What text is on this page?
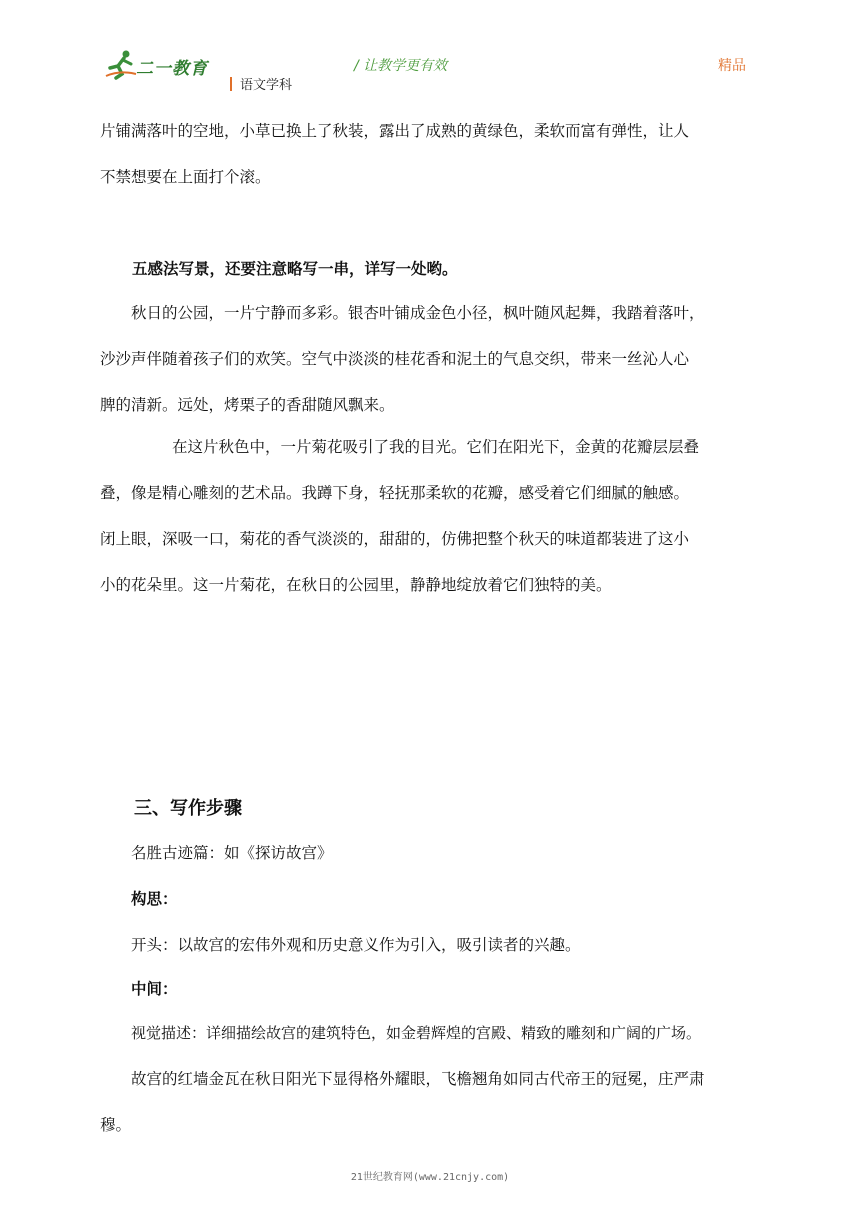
二一教育
语文学科
/ 让教学更有效	精品
片铺满落叶的空地，小草已换上了秋装，露出了成熟的黄绿色，柔软而富有弹性，让人
不禁想要在上面打个滚。
五感法写景，还要注意略写一串，详写一处哟。
秋日的公园，一片宁静而多彩。银杏叶铺成金色小径，枫叶随风起舞，我踏着落叶，
沙沙声伴随着孩子们的欢笑。空气中淡淡的桂花香和泥土的气息交织，带来一丝沁人心
脾的清新。远处，烤栗子的香甜随风飘来。
在这片秋色中，一片菊花吸引了我的目光。它们在阳光下，金黄的花瓣层层叠
叠，像是精心雕刻的艺术品。我蹲下身，轻抚那柔软的花瓣，感受着它们细腻的触感。
闭上眼，深吸一口，菊花的香气淡淡的，甜甜的，仿佛把整个秋天的味道都装进了这小
小的花朵里。这一片菊花，在秋日的公园里，静静地绽放着它们独特的美。
三、写作步骤
名胜古迹篇：如《探访故宫》
构思：
开头：以故宫的宏伟外观和历史意义作为引入，吸引读者的兴趣。
中间：
视觉描述：详细描绘故宫的建筑特色，如金碧辉煌的宫殿、精致的雕刻和广阔的广场。
故宫的红墙金瓦在秋日阳光下显得格外耀眼，飞檐翘角如同古代帝王的冠冕，庄严肃
穆。
21世纪教育网(www.21cnjy.com)
